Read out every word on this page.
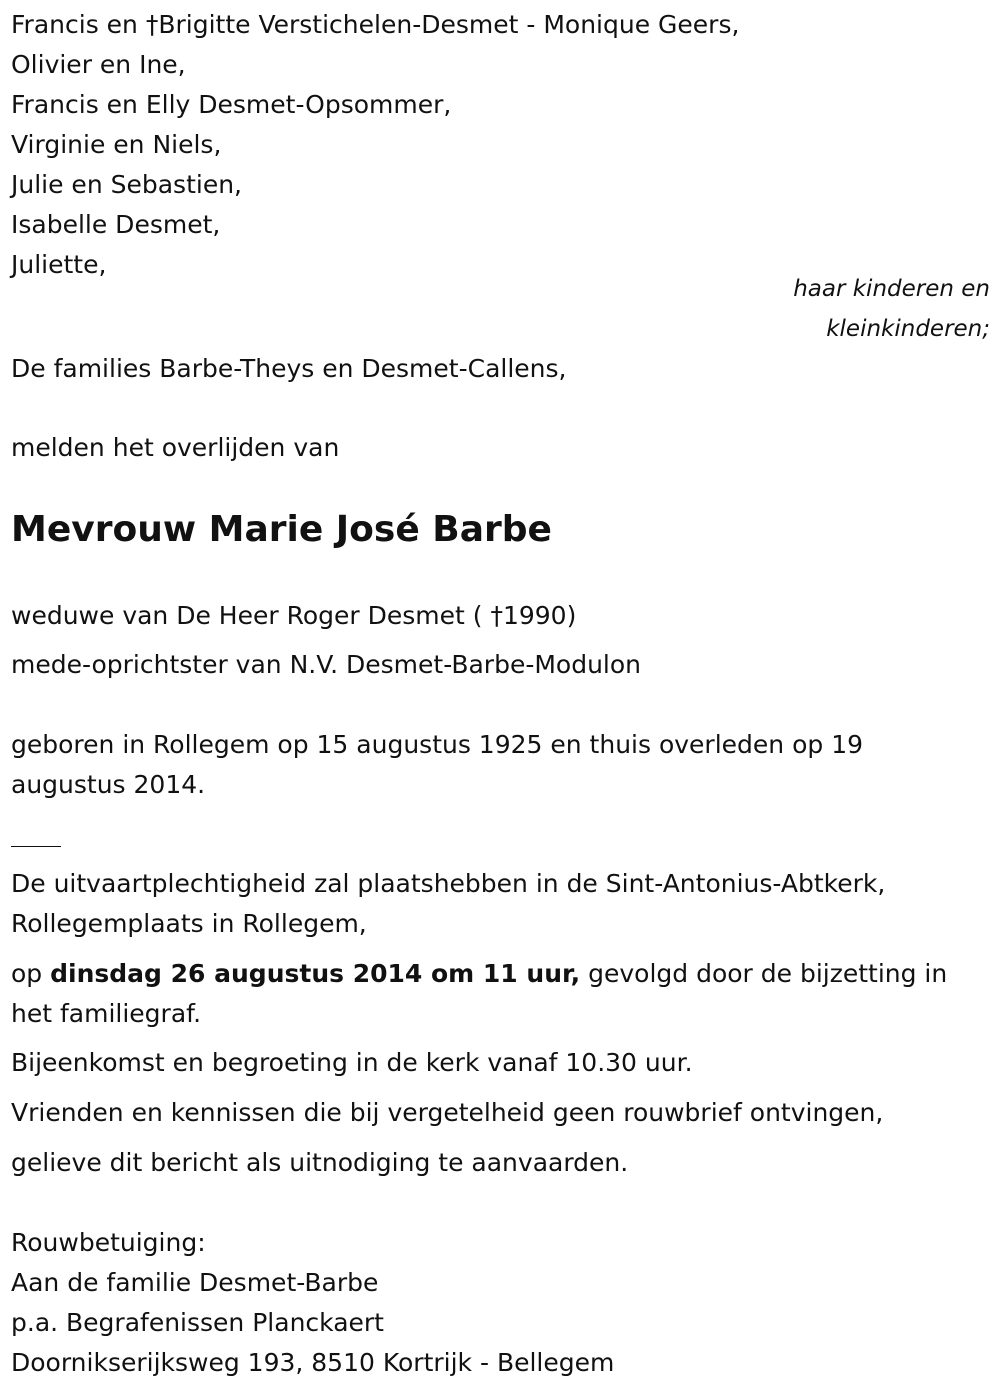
Francis en †Brigitte Verstichelen-Desmet - Monique Geers,
Olivier en Ine,
Francis en Elly Desmet-Opsommer,
Virginie en Niels,
Julie en Sebastien,
Isabelle Desmet,
Juliette,
haar kinderen en
kleinkinderen;
De families Barbe-Theys en Desmet-Callens,
melden het overlijden van
Mevrouw Marie José Barbe
weduwe van De Heer Roger Desmet ( †1990)
mede-oprichtster van N.V. Desmet-Barbe-Modulon
geboren in Rollegem op 15 augustus 1925 en thuis overleden op 19
augustus 2014.
De uitvaartplechtigheid zal plaatshebben in de Sint-Antonius-Abtkerk,
Rollegemplaats in Rollegem,
op dinsdag 26 augustus 2014 om 11 uur, gevolgd door de bijzetting in
het familiegraf.
Bijeenkomst en begroeting in de kerk vanaf 10.30 uur.
Vrienden en kennissen die bij vergetelheid geen rouwbrief ontvingen,
gelieve dit bericht als uitnodiging te aanvaarden.
Rouwbetuiging:
Aan de familie Desmet-Barbe
p.a. Begrafenissen Planckaert
Doornikserijksweg 193, 8510 Kortrijk - Bellegem
